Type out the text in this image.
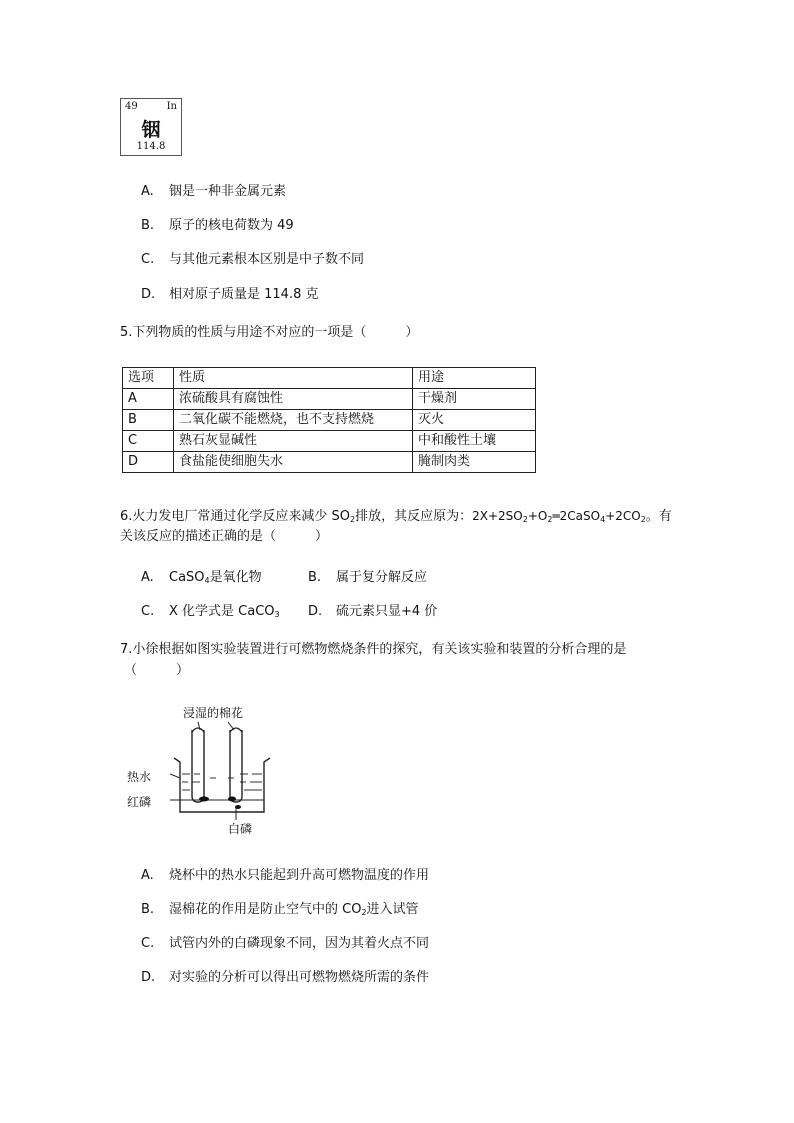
49	In
铟
114.8
A. 铟是一种非金属元素
B. 原子的核电荷数为 49
C. 与其他元素根本区别是中子数不同
D. 相对原子质量是 114.8 克
5.下列物质的性质与用途不对应的一项是（　　　）
选项	性质	用途
A	浓硫酸具有腐蚀性	干燥剂
B	二氧化碳不能燃烧，也不支持燃烧	灭火
C	熟石灰显碱性	中和酸性土壤
D	食盐能使细胞失水	腌制肉类
6.火力发电厂常通过化学反应来减少 $SO_2$排放，其反应原为：$2X+2SO_2+O_2═2CaSO_4+2CO_2$。有
关该反应的描述正确的是（　　　）
A. CaSO$_4$是氧化物	B. 属于复分解反应
C. X 化学式是 CaCO$_3$ D. 硫元素只显+4 价
7.小徐根据如图实验装置进行可燃物燃烧条件的探究，有关该实验和装置的分析合理的是
（　　　）
浸湿的棉花
热水
红磷
白磷
A. 烧杯中的热水只能起到升高可燃物温度的作用
B. 湿棉花的作用是防止空气中的 $CO_2$进入试管
C. 试管内外的白磷现象不同，因为其着火点不同
D. 对实验的分析可以得出可燃物燃烧所需的条件
